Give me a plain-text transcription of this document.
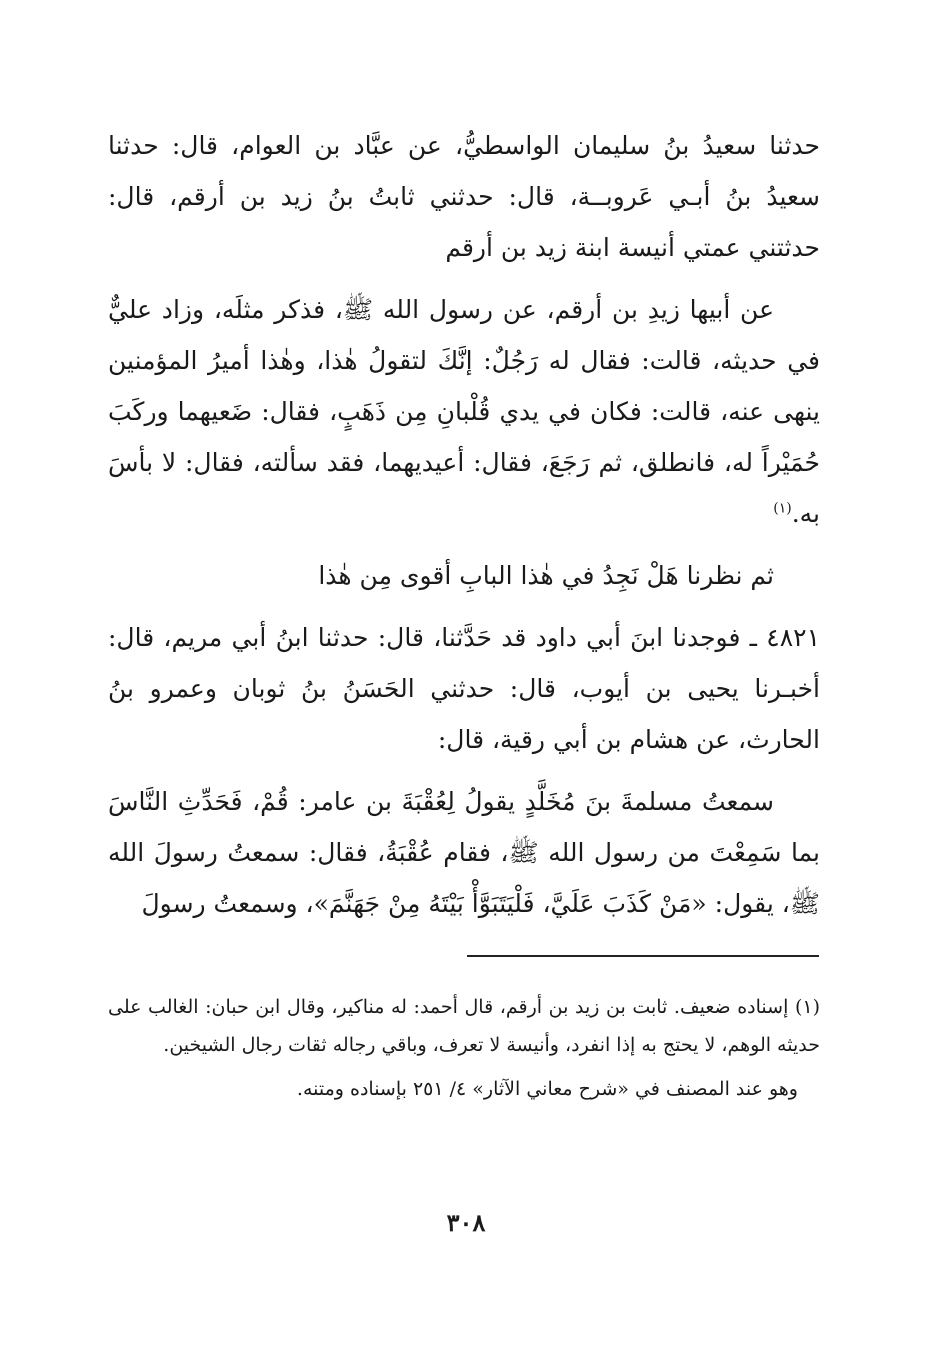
حدثنا سعيدُ بنُ سليمان الواسطيُّ، عن عبَّاد بن العوام، قال: حدثنا سعيدُ بنُ أبـي عَروبــة، قال: حدثني ثابتُ بنُ زيد بن أرقم، قال: حدثتني عمتي أنيسة ابنة زيد بن أرقم

عن أبيها زيدِ بن أرقم، عن رسول الله ﷺ، فذكر مثلَه، وزاد عليٌّ في حديثه، قالت: فقال له رَجُلٌ: إنَّكَ لتقولُ هٰذا، وهٰذا أميرُ المؤمنين ينهى عنه، قالت: فكان في يدي قُلْبانِ مِن ذَهَبٍ، فقال: ضَعيهما وركَبَ حُمَيْراً له، فانطلق، ثم رَجَعَ، فقال: أعيديهما، فقد سألته، فقال: لا بأسَ به.$^{(١)}$

ثم نظرنا هَلْ نَجِدُ في هٰذا البابِ أقوى مِن هٰذا

٤٨٢١ ـ فوجدنا ابنَ أبي داود قد حَدَّثنا، قال: حدثنا ابنُ أبي مريم، قال: أخبـرنا يحيى بن أيوب، قال: حدثني الحَسَنُ بنُ ثوبان وعمرو بنُ الحارث، عن هشام بن أبي رقية، قال:

سمعتُ مسلمةَ بنَ مُخَلَّدٍ يقولُ لِعُقْبَةَ بن عامر: قُمْ، فَحَدِّثِ النَّاسَ بما سَمِعْتَ من رسول الله ﷺ، فقام عُقْبَةُ، فقال: سمعتُ رسولَ الله ﷺ، يقول: «مَنْ كَذَبَ عَلَيَّ، فَلْيَتَبَوَّأْ بَيْتَهُ مِنْ جَهَنَّمَ»، وسمعتُ رسولَ

(١) إسناده ضعيف. ثابت بن زيد بن أرقم، قال أحمد: له مناكير، وقال ابن حبان: الغالب على حديثه الوهم، لا يحتج به إذا انفرد، وأنيسة لا تعرف، وباقي رجاله ثقات رجال الشيخين.

وهو عند المصنف في «شرح معاني الآثار» ٤/ ٢٥١ بإسناده ومتنه.

٣٠٨
